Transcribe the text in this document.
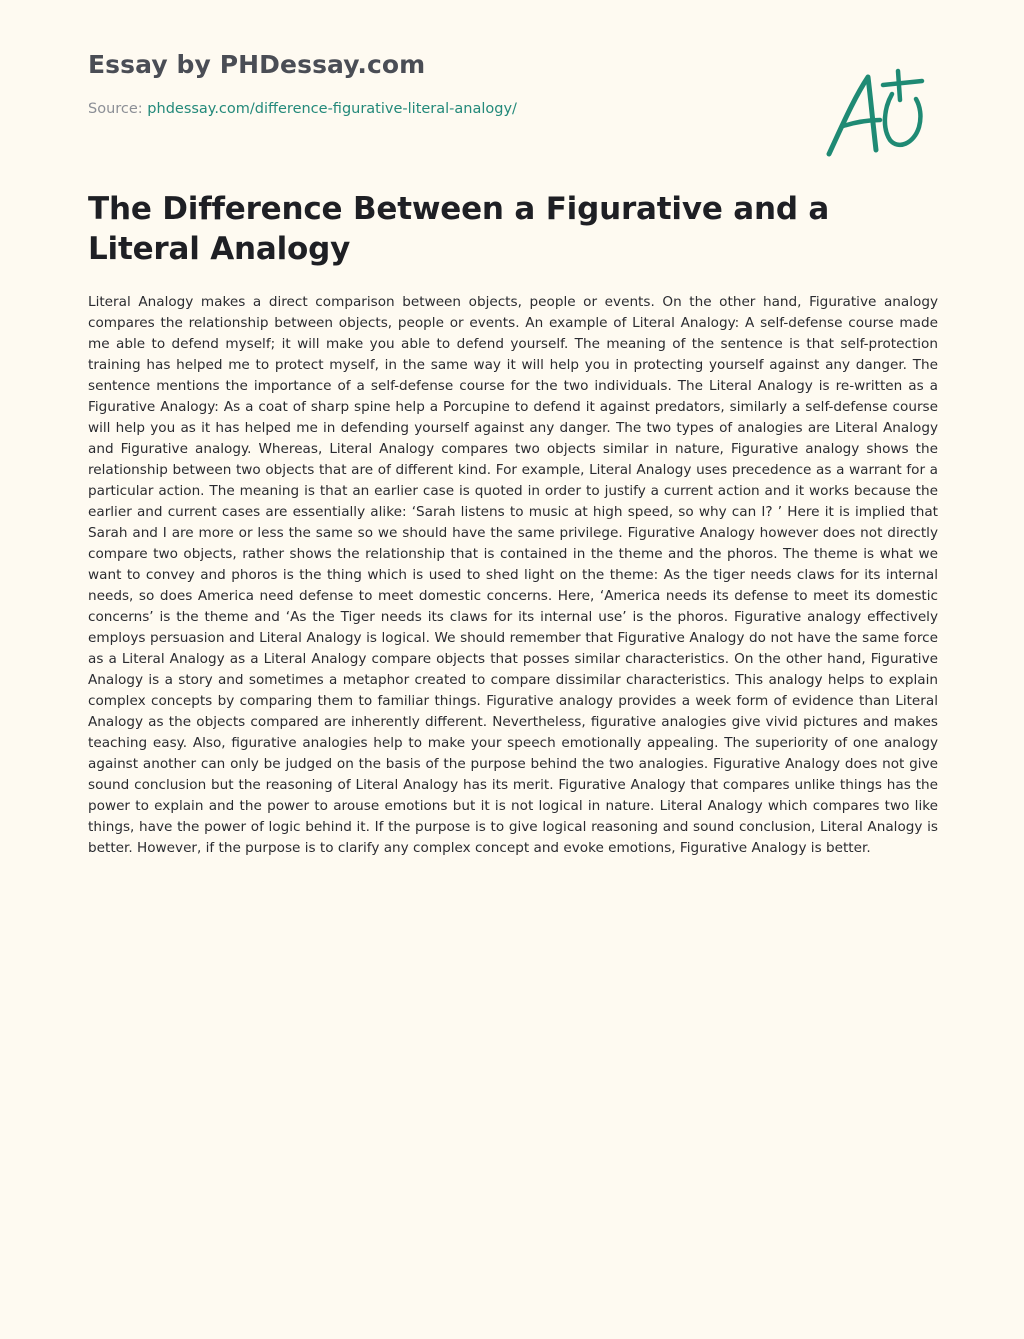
Essay by PHDessay.com
Source: phdessay.com/difference-figurative-literal-analogy/
The Difference Between a Figurative and a Literal Analogy

Literal Analogy makes a direct comparison between objects, people or events. On the other hand, Figurative analogy compares the relationship between objects, people or events. An example of Literal Analogy: A self-defense course made me able to defend myself; it will make you able to defend yourself. The meaning of the sentence is that self-protection training has helped me to protect myself, in the same way it will help you in protecting yourself against any danger. The sentence mentions the importance of a self-defense course for the two individuals. The Literal Analogy is re-written as a Figurative Analogy: As a coat of sharp spine help a Porcupine to defend it against predators, similarly a self-defense course will help you as it has helped me in defending yourself against any danger. The two types of analogies are Literal Analogy and Figurative analogy. Whereas, Literal Analogy compares two objects similar in nature, Figurative analogy shows the relationship between two objects that are of different kind. For example, Literal Analogy uses precedence as a warrant for a particular action. The meaning is that an earlier case is quoted in order to justify a current action and it works because the earlier and current cases are essentially alike: ‘Sarah listens to music at high speed, so why can I? ’ Here it is implied that Sarah and I are more or less the same so we should have the same privilege. Figurative Analogy however does not directly compare two objects, rather shows the relationship that is contained in the theme and the phoros. The theme is what we want to convey and phoros is the thing which is used to shed light on the theme: As the tiger needs claws for its internal needs, so does America need defense to meet domestic concerns. Here, ‘America needs its defense to meet its domestic concerns’ is the theme and ‘As the Tiger needs its claws for its internal use’ is the phoros. Figurative analogy effectively employs persuasion and Literal Analogy is logical. We should remember that Figurative Analogy do not have the same force as a Literal Analogy as a Literal Analogy compare objects that posses similar characteristics. On the other hand, Figurative Analogy is a story and sometimes a metaphor created to compare dissimilar characteristics. This analogy helps to explain complex concepts by comparing them to familiar things. Figurative analogy provides a week form of evidence than Literal Analogy as the objects compared are inherently different. Nevertheless, figurative analogies give vivid pictures and makes teaching easy. Also, figurative analogies help to make your speech emotionally appealing. The superiority of one analogy against another can only be judged on the basis of the purpose behind the two analogies. Figurative Analogy does not give sound conclusion but the reasoning of Literal Analogy has its merit. Figurative Analogy that compares unlike things has the power to explain and the power to arouse emotions but it is not logical in nature. Literal Analogy which compares two like things, have the power of logic behind it. If the purpose is to give logical reasoning and sound conclusion, Literal Analogy is better. However, if the purpose is to clarify any complex concept and evoke emotions, Figurative Analogy is better.
